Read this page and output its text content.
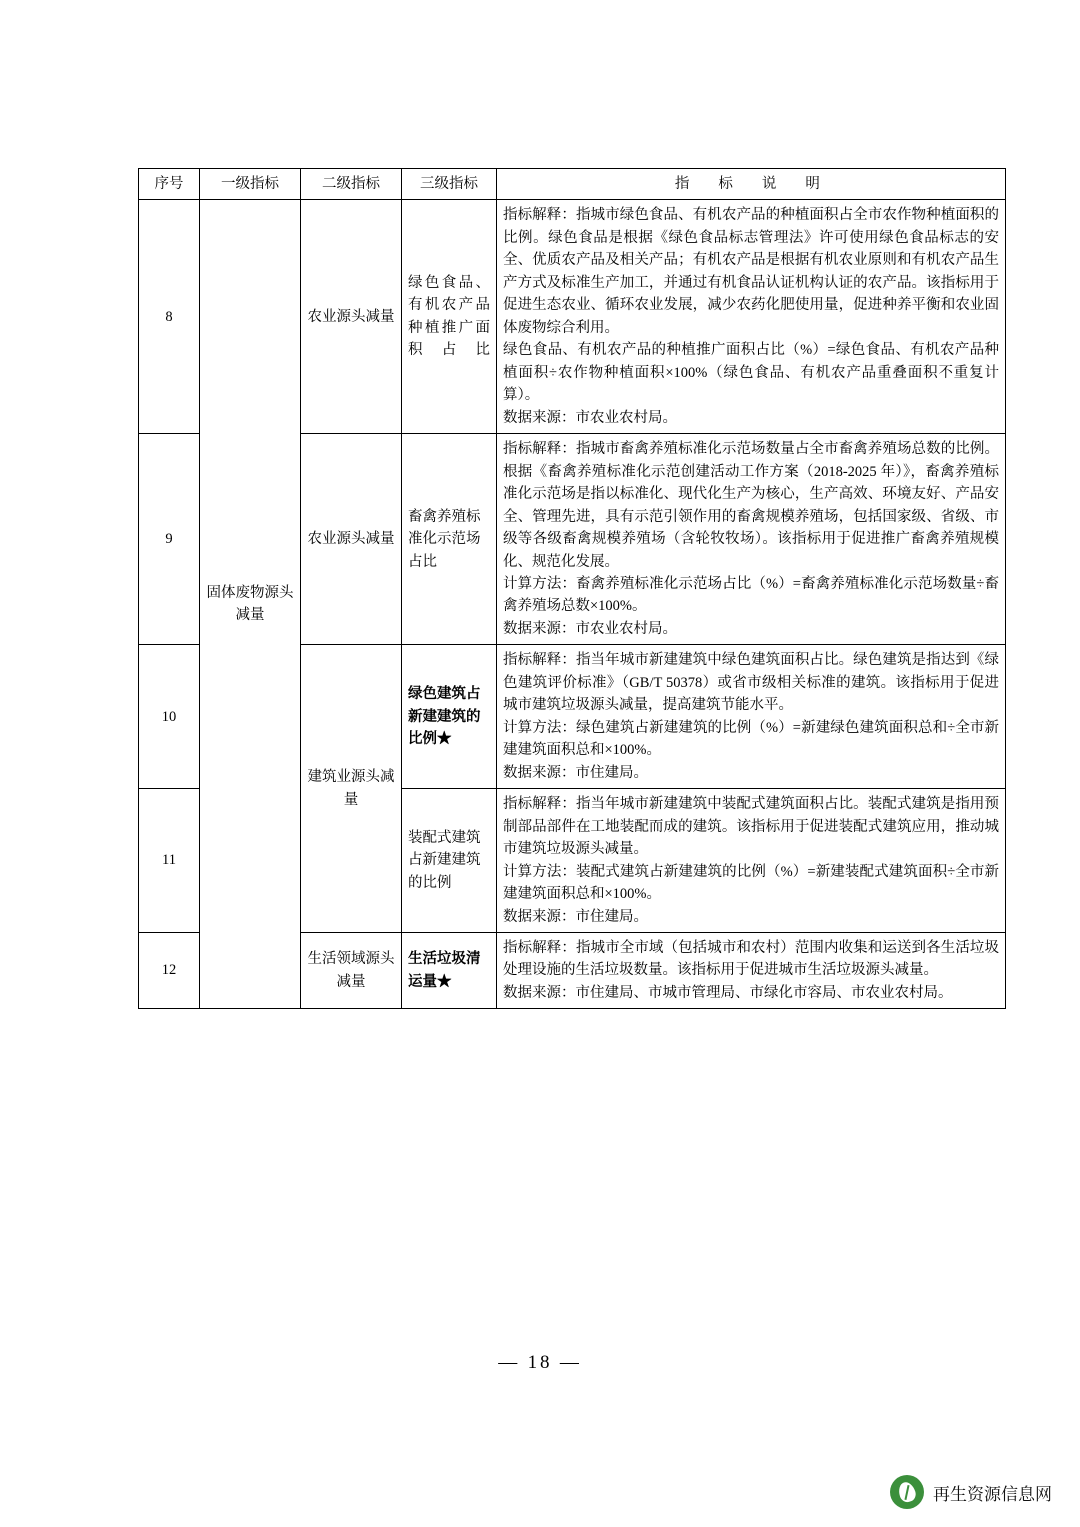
序号	一级指标	二级指标	三级指标	指　标　说　明
8	固体废物源头减量	农业源头减量	绿色食品、有机农产品种植推广面积占比	指标解释：指城市绿色食品、有机农产品的种植面积占全市农作物种植面积的比例。绿色食品是根据《绿色食品标志管理法》许可使用绿色食品标志的安全、优质农产品及相关产品；有机农产品是根据有机农业原则和有机农产品生产方式及标准生产加工，并通过有机食品认证机构认证的农产品。该指标用于促进生态农业、循环农业发展，减少农药化肥使用量，促进种养平衡和农业固体废物综合利用。

绿色食品、有机农产品的种植推广面积占比（%）=绿色食品、有机农产品种植面积÷农作物种植面积×100%（绿色食品、有机农产品重叠面积不重复计算）。

数据来源：市农业农村局。

9		农业源头减量	畜禽养殖标准化示范场占比	指标解释：指城市畜禽养殖标准化示范场数量占全市畜禽养殖场总数的比例。根据《畜禽养殖标准化示范创建活动工作方案（2018-2025 年）》，畜禽养殖标准化示范场是指以标准化、现代化生产为核心，生产高效、环境友好、产品安全、管理先进，具有示范引领作用的畜禽规模养殖场，包括国家级、省级、市级等各级畜禽规模养殖场（含轮牧牧场）。该指标用于促进推广畜禽养殖规模化、规范化发展。

计算方法：畜禽养殖标准化示范场占比（%）=畜禽养殖标准化示范场数量÷畜禽养殖场总数×100%。

数据来源：市农业农村局。

10		建筑业源头减量	绿色建筑占新建建筑的比例★	指标解释：指当年城市新建建筑中绿色建筑面积占比。绿色建筑是指达到《绿色建筑评价标准》（GB/T 50378）或省市级相关标准的建筑。该指标用于促进城市建筑垃圾源头减量，提高建筑节能水平。

计算方法：绿色建筑占新建建筑的比例（%）=新建绿色建筑面积总和÷全市新建建筑面积总和×100%。

数据来源：市住建局。

11			装配式建筑占新建建筑的比例	指标解释：指当年城市新建建筑中装配式建筑面积占比。装配式建筑是指用预制部品部件在工地装配而成的建筑。该指标用于促进装配式建筑应用，推动城市建筑垃圾源头减量。

计算方法：装配式建筑占新建建筑的比例（%）=新建装配式建筑面积÷全市新建建筑面积总和×100%。

数据来源：市住建局。

12		生活领域源头减量	生活垃圾清运量★	指标解释：指城市全市域（包括城市和农村）范围内收集和运送到各生活垃圾处理设施的生活垃圾数量。该指标用于促进城市生活垃圾源头减量。

数据来源：市住建局、市城市管理局、市绿化市容局、市农业农村局。

— 18 —
再生资源信息网
